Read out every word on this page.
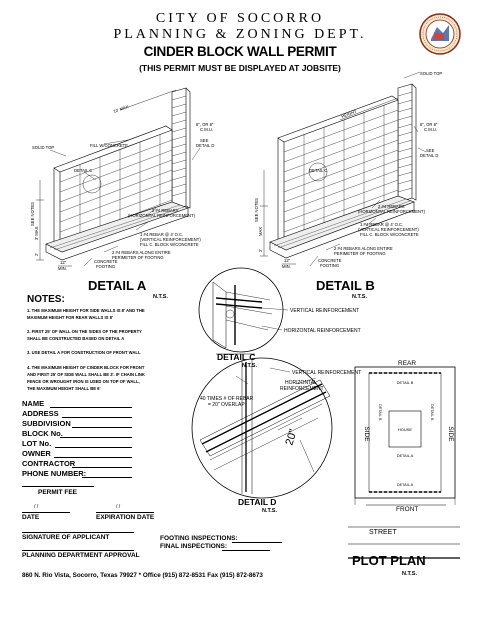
CITY OF SOCORRO
PLANNING & ZONING DEPT.
CINDER BLOCK WALL PERMIT
(THIS PERMIT MUST BE DISPLAYED AT JOBSITE)
SOLID TOP	FILL W/CONCRETE
10' MAX
6", OR 8"
C.M.U.
SEE
DETAIL D
DETAIL C
2 #4 REBARS
(HORIZONTAL REINFORCEMENT)
1 #4 REBAR @ 4' O.C.
(VERTICAL REINFORCEMENT)
FILL C. BLOCK W/CONCRETE
2 #4 REBARS ALONG ENTIRE
PERIMETER OF FOOTING
CONCRETE
FOOTING
SEE NOTES
3' MAX.
2'
12"
MIN.
SOLID TOP
HEIGHT
6", OR 8"
C.M.U.
SEE
DETAIL D
DETAIL C
2 #4 REBARS
(HORIZONTAL REINFORCEMENT)
1 #4 REBAR @ 4' O.C.
(VERTICAL REINFORCEMENT)
FILL C. BLOCK W/CONCRETE
2 #4 REBARS ALONG ENTIRE
PERIMETER OF FOOTING
CONCRETE
FOOTING
SEE NOTES
MAX
2'
12"
MIN.
DETAIL A
N.T.S.
DETAIL B
N.T.S.
VERTICAL REINFORCEMENT
HORIZONTAL REINFORCEMENT
DETAIL C
N.T.S.
VERTICAL REINFORCEMENT
HORIZONTAL
REINFORCEMENT
40 TIMES # OF REBAR
= 20" OVERLAP
20"
DETAIL D
N.T.S.
REAR
FRONT
SIDE	SIDE
HOUSE
DETAIL B
DETAIL B	DETAIL B
DETAIL A
DETAIL A
STREET
PLOT PLAN
N.T.S.
NOTES:
1. THE MAXIMUM HEIGHT FOR SIDE WALLS IS 8' AND THE
MAXIMUM HEIGHT FOR REAR WALLS IS 8'
2. FIRST 25' OF WALL ON THE SIDES OF THE PROPERTY
SHALL BE CONSTRUCTED BASED ON DETAIL A
3. USE DETAIL A FOR CONSTRUCTION OF FRONT WALL
4. THE MAXIMUM HEIGHT OF CINDER BLOCK FOR FRONT
AND FIRST 25' OF SIDE WALL SHALL BE 3'. IF CHAIN LINK
FENCE OR WROUGHT IRON IS USED ON TOP OF WALL,
THE MAXIMUM HEIGHT SHALL BE 6'
NAME
ADDRESS
SUBDIVISION
BLOCK No.
LOT No.
OWNER
CONTRACTOR
PHONE NUMBER:
PERMIT FEE
/ /
DATE
/ /
EXPIRATION DATE
SIGNATURE OF APPLICANT
PLANNING DEPARTMENT APPROVAL
FOOTING INSPECTIONS:
FINAL INSPECTIONS:
860 N. Rio Vista, Socorro, Texas 79927 * Office (915) 872-8531 Fax (915) 872-8673
